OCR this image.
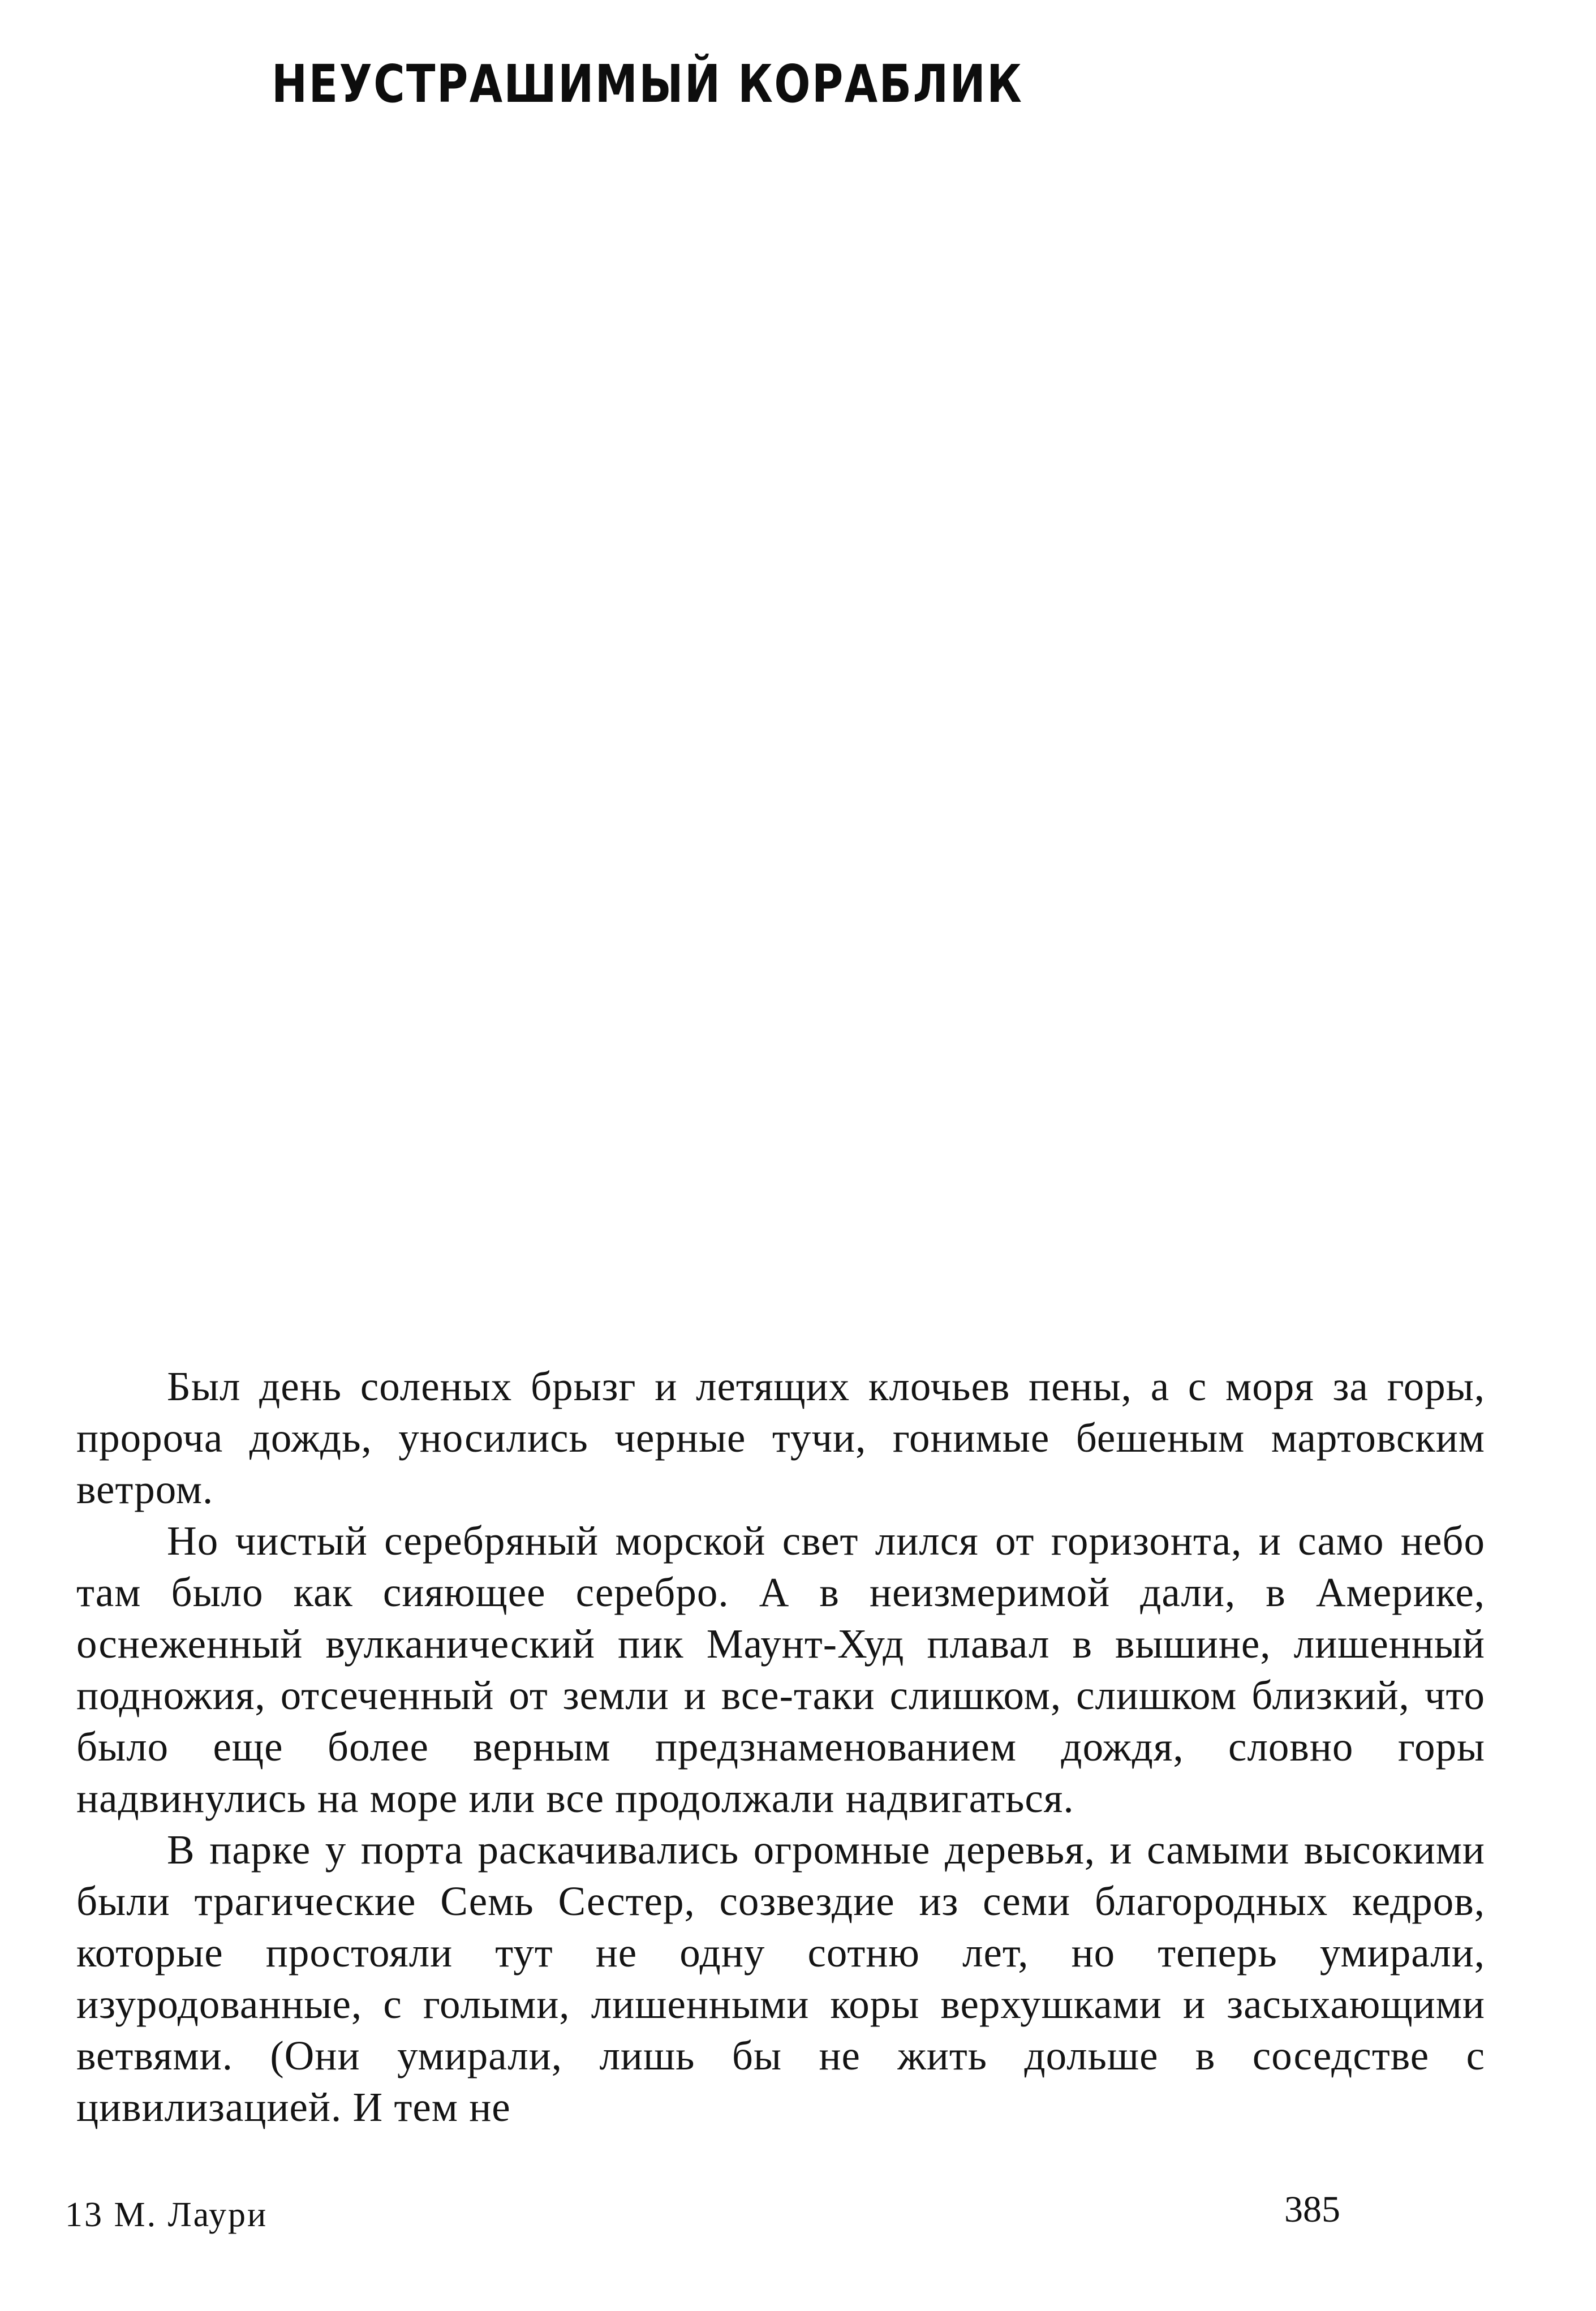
НЕУСТРАШИМЫЙ КОРАБЛИК

Был день соленых брызг и летящих клочьев пены, а с моря за горы, пророча дождь, уносились черные тучи, гонимые бешеным мартовским ветром.

Но чистый серебряный морской свет лился от горизонта, и само небо там было как сияющее серебро. А в неизмеримой дали, в Америке, оснеженный вулканический пик Маунт-Худ плавал в вышине, лишенный подножия, отсеченный от земли и все-таки слишком, слишком близкий, что было еще более верным предзнаменованием дождя, словно горы надвинулись на море или все продолжали надвигаться.

В парке у порта раскачивались огромные деревья, и самыми высокими были трагические Семь Сестер, созвездие из семи благородных кедров, которые простояли тут не одну сотню лет, но теперь умирали, изуродованные, с голыми, лишенными коры верхушками и засыхающими ветвями. (Они умирали, лишь бы не жить дольше в соседстве с цивилизацией. И тем не

13 М. Лаури	385
